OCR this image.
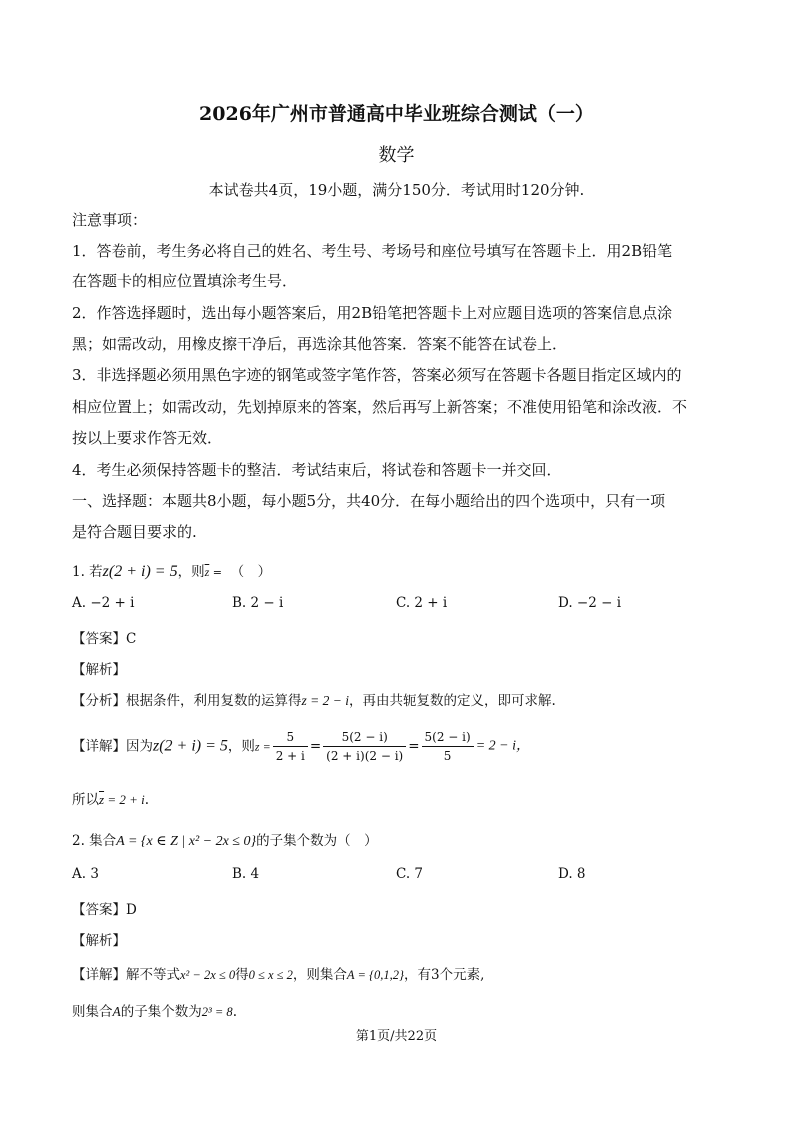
2026年广州市普通高中毕业班综合测试（一）
数学
本试卷共4页，19小题，满分150分．考试用时120分钟.
注意事项：
1．答卷前，考生务必将自己的姓名、考生号、考场号和座位号填写在答题卡上．用2B铅笔
在答题卡的相应位置填涂考生号．
2．作答选择题时，选出每小题答案后，用2B铅笔把答题卡上对应题目选项的答案信息点涂
黑；如需改动，用橡皮擦干净后，再选涂其他答案．答案不能答在试卷上．
3．非选择题必须用黑色字迹的钢笔或签字笔作答，答案必须写在答题卡各题目指定区域内的
相应位置上；如需改动，先划掉原来的答案，然后再写上新答案；不准使用铅笔和涂改液．不
按以上要求作答无效．
4．考生必须保持答题卡的整洁．考试结束后，将试卷和答题卡一并交回．
一、选择题：本题共8小题，每小题5分，共40分．在每小题给出的四个选项中，只有一项
是符合题目要求的.
1. 若z(2 + i) = 5，则$\overline{z}$ = （　）
A. −2 + i	B. 2 − i	C. 2 + i	D. −2 − i
【答案】C
【解析】
【分析】根据条件，利用复数的运算得z = 2 − i，再由共轭复数的定义，即可求解.
【详解】因为z(2 + i) = 5，则$z = \frac{5}{2 + i} = \frac{5(2 - i)}{(2 + i)(2 - i)} = \frac{5(2 - i)}{5} = 2 - i$，
所以$\overline{z} = 2 + i$.
2. 集合A = {x ∈ Z | x² − 2x ≤ 0}的子集个数为（　）
A. 3	B. 4	C. 7	D. 8
【答案】D
【解析】
【详解】解不等式x² − 2x ≤ 0得0 ≤ x ≤ 2，则集合A = {0,1,2}，有3个元素,
则集合A的子集个数为2³ = 8.
第1页/共22页
